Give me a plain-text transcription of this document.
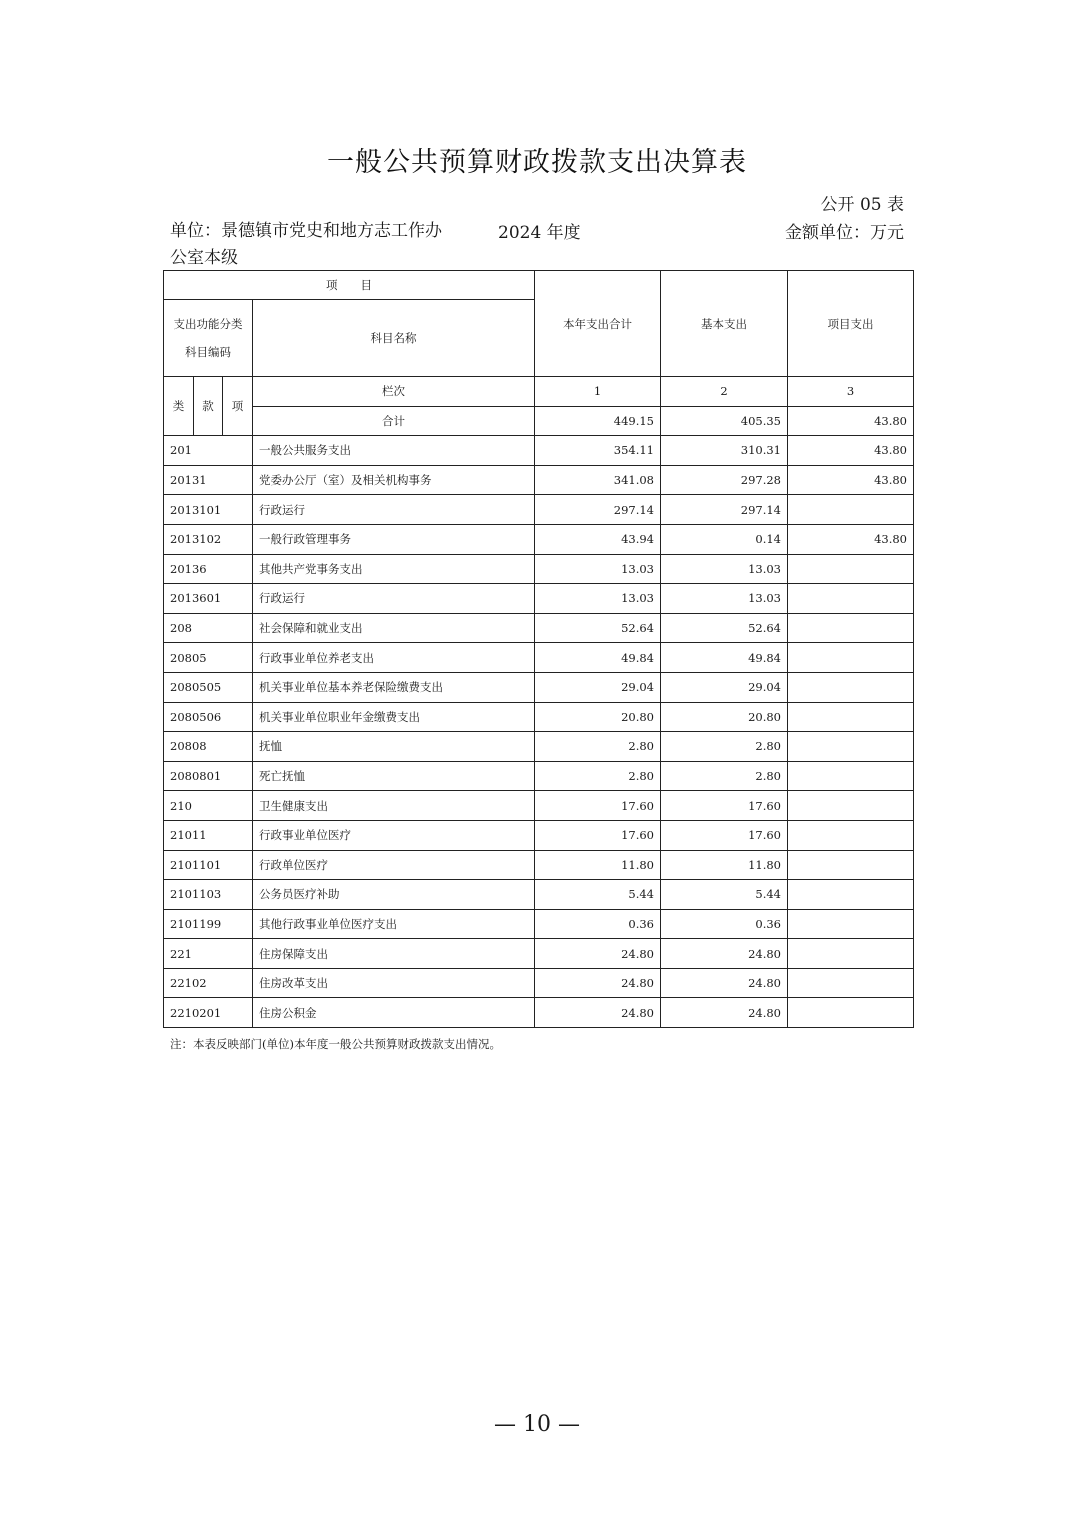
一般公共预算财政拨款支出决算表
公开 05 表
单位：景德镇市党史和地方志工作办公室本级
2024 年度	金额单位：万元
项　　目				本年支出合计	基本支出	项目支出
支出功能分类科目编码			科目名称			
类	款	项	栏次	1	2	3
			合计	449.15	405.35	43.80
201			一般公共服务支出	354.11	310.31	43.80
20131			党委办公厅（室）及相关机构事务	341.08	297.28	43.80
2013101			行政运行	297.14	297.14	
2013102			一般行政管理事务	43.94	0.14	43.80
20136			其他共产党事务支出	13.03	13.03	
2013601			行政运行	13.03	13.03	
208			社会保障和就业支出	52.64	52.64	
20805			行政事业单位养老支出	49.84	49.84	
2080505			机关事业单位基本养老保险缴费支出	29.04	29.04	
2080506			机关事业单位职业年金缴费支出	20.80	20.80	
20808			抚恤	2.80	2.80	
2080801			死亡抚恤	2.80	2.80	
210			卫生健康支出	17.60	17.60	
21011			行政事业单位医疗	17.60	17.60	
2101101			行政单位医疗	11.80	11.80	
2101103			公务员医疗补助	5.44	5.44	
2101199			其他行政事业单位医疗支出	0.36	0.36	
221			住房保障支出	24.80	24.80	
22102			住房改革支出	24.80	24.80	
2210201			住房公积金	24.80	24.80	
注：本表反映部门(单位)本年度一般公共预算财政拨款支出情况。
— 10 —
